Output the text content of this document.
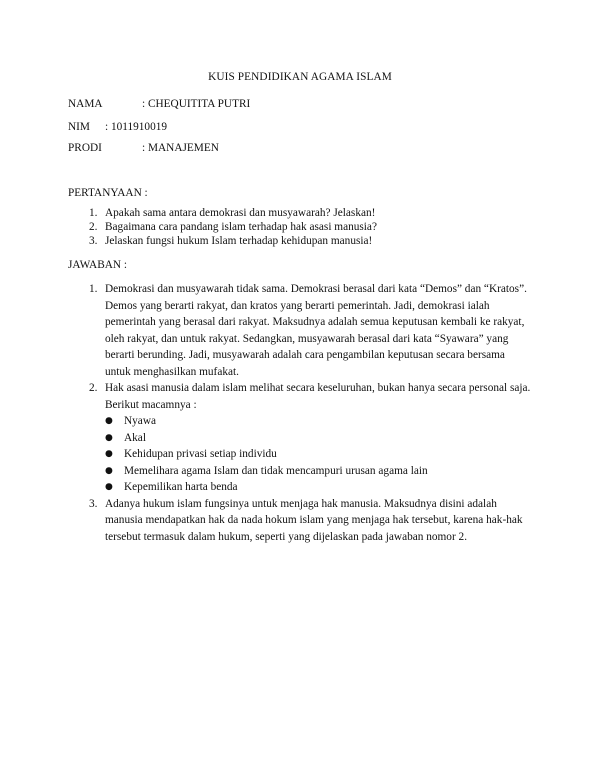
KUIS PENDIDIKAN AGAMA ISLAM
NAMA	: CHEQUITITA PUTRI
NIM : 1011910019
PRODI	: MANAJEMEN
PERTANYAAN :
1. Apakah sama antara demokrasi dan musyawarah? Jelaskan!
2. Bagaimana cara pandang islam terhadap hak asasi manusia?
3. Jelaskan fungsi hukum Islam terhadap kehidupan manusia!
JAWABAN :
1. Demokrasi dan musyawarah tidak sama. Demokrasi berasal dari kata “Demos” dan “Kratos”. Demos yang berarti rakyat, dan kratos yang berarti pemerintah. Jadi, demokrasi ialah pemerintah yang berasal dari rakyat. Maksudnya adalah semua keputusan kembali ke rakyat, oleh rakyat, dan untuk rakyat. Sedangkan, musyawarah berasal dari kata “Syawara” yang berarti berunding. Jadi, musyawarah adalah cara pengambilan keputusan secara bersama untuk menghasilkan mufakat.

2. Hak asasi manusia dalam islam melihat secara keseluruhan, bukan hanya secara personal saja. Berikut macamnya :

● Nyawa
● Akal
● Kehidupan privasi setiap individu
● Memelihara agama Islam dan tidak mencampuri urusan agama lain
● Kepemilikan harta benda
3. Adanya hukum islam fungsinya untuk menjaga hak manusia. Maksudnya disini adalah manusia mendapatkan hak da nada hokum islam yang menjaga hak tersebut, karena hak-hak tersebut termasuk dalam hukum, seperti yang dijelaskan pada jawaban nomor 2.
